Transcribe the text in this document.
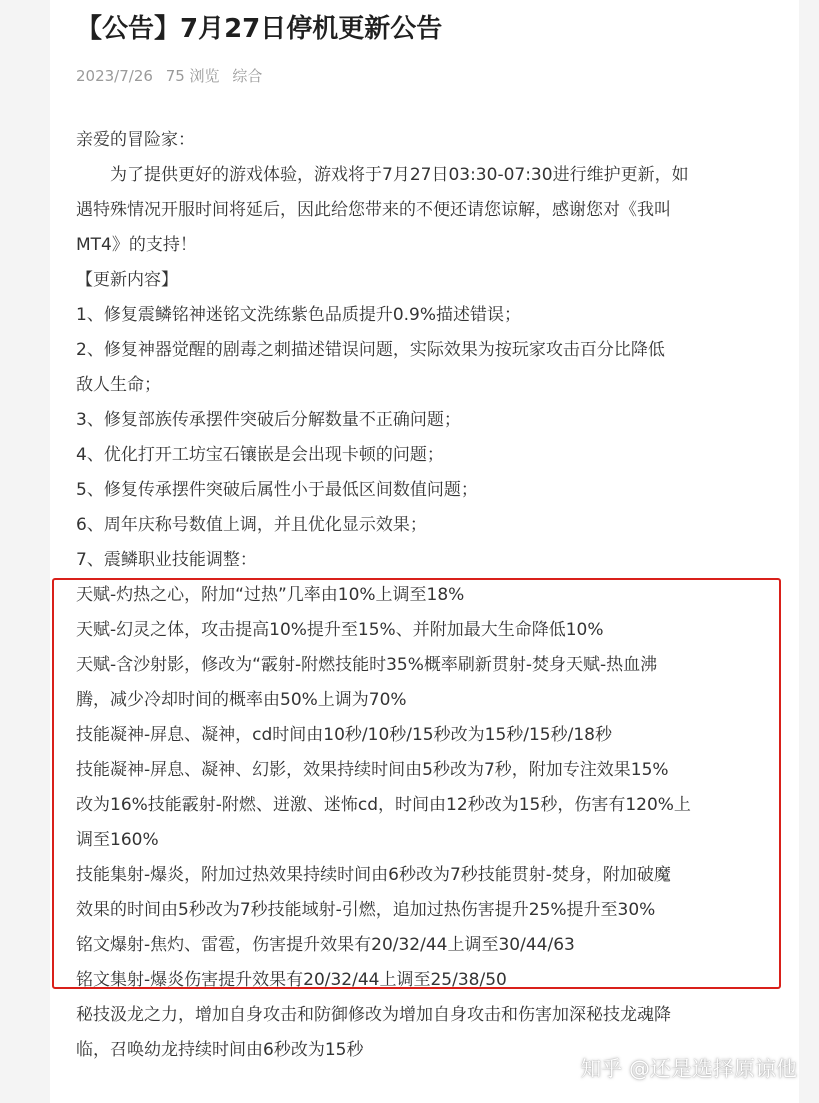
【公告】7月27日停机更新公告
2023/7/26 75 浏览 综合

亲爱的冒险家：

　　为了提供更好的游戏体验，游戏将于7月27日03:30-07:30进行维护更新，如

遇特殊情况开服时间将延后，因此给您带来的不便还请您谅解，感谢您对《我叫

MT4》的支持！

【更新内容】

1、修复震鳞铭神迷铭文洗练紫色品质提升0.9%描述错误；

2、修复神器觉醒的剧毒之刺描述错误问题，实际效果为按玩家攻击百分比降低

敌人生命；

3、修复部族传承摆件突破后分解数量不正确问题；

4、优化打开工坊宝石镶嵌是会出现卡顿的问题；

5、修复传承摆件突破后属性小于最低区间数值问题；

6、周年庆称号数值上调，并且优化显示效果；

7、震鳞职业技能调整：

天赋-灼热之心，附加“过热”几率由10%上调至18%

天赋-幻灵之体，攻击提高10%提升至15%、并附加最大生命降低10%

天赋-含沙射影，修改为“霰射-附燃技能时35%概率刷新贯射-焚身天赋-热血沸

腾，减少冷却时间的概率由50%上调为70%

技能凝神-屏息、凝神，cd时间由10秒/10秒/15秒改为15秒/15秒/18秒

技能凝神-屏息、凝神、幻影，效果持续时间由5秒改为7秒，附加专注效果15%

改为16%技能霰射-附燃、迸激、迷怖cd，时间由12秒改为15秒，伤害有120%上

调至160%

技能集射-爆炎，附加过热效果持续时间由6秒改为7秒技能贯射-焚身，附加破魔

效果的时间由5秒改为7秒技能域射-引燃，追加过热伤害提升25%提升至30%

铭文爆射-焦灼、雷雹，伤害提升效果有20/32/44上调至30/44/63

铭文集射-爆炎伤害提升效果有20/32/44上调至25/38/50

秘技汲龙之力，增加自身攻击和防御修改为增加自身攻击和伤害加深秘技龙魂降

临，召唤幼龙持续时间由6秒改为15秒

知乎 @还是选择原谅他
